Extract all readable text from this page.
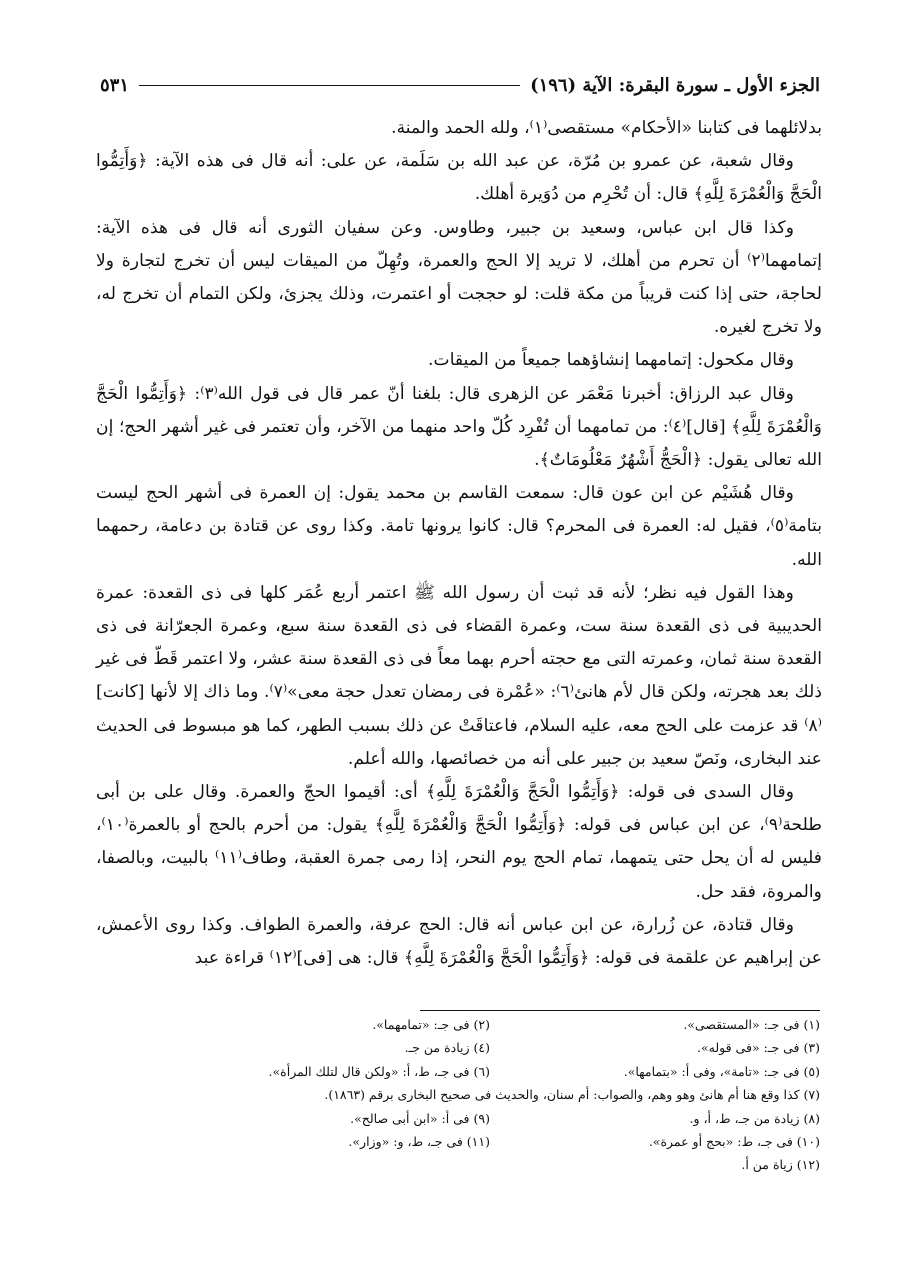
الجزء الأول ـ سورة البقرة: الآية (١٩٦)
٥٣١

بدلائلهما فى كتابنا «الأحكام» مستقصى⁽١⁾، ولله الحمد والمنة.

وقال شعبة، عن عمرو بن مُرّة، عن عبد الله بن سَلَمة، عن على: أنه قال فى هذه الآية: ﴿وَأَتِمُّوا الْحَجَّ وَالْعُمْرَةَ لِلَّهِ﴾ قال: أن تُحْرِم من دُوَيرة أهلك.

وكذا قال ابن عباس، وسعيد بن جبير، وطاوس. وعن سفيان الثورى أنه قال فى هذه الآية: إتمامهما⁽٢⁾ أن تحرم من أهلك، لا تريد إلا الحج والعمرة، وتُهِلّ من الميقات ليس أن تخرج لتجارة ولا لحاجة، حتى إذا كنت قريباً من مكة قلت: لو حججت أو اعتمرت، وذلك يجزئ، ولكن التمام أن تخرج له، ولا تخرج لغيره.

وقال مكحول: إتمامهما إنشاؤهما جميعاً من الميقات.

وقال عبد الرزاق: أخبرنا مَعْمَر عن الزهرى قال: بلغنا أنّ عمر قال فى قول الله⁽٣⁾: ﴿وَأَتِمُّوا الْحَجَّ وَالْعُمْرَةَ لِلَّهِ﴾ [قال]⁽٤⁾: من تمامهما أن تُفْرِد كُلّ واحد منهما من الآخر، وأن تعتمر فى غير أشهر الحج؛ إن الله تعالى يقول: ﴿الْحَجُّ أَشْهُرٌ مَعْلُومَاتٌ﴾.

وقال هُشَيْم عن ابن عون قال: سمعت القاسم بن محمد يقول: إن العمرة فى أشهر الحج ليست بتامة⁽٥⁾، فقيل له: العمرة فى المحرم؟ قال: كانوا يرونها تامة. وكذا روى عن قتادة بن دعامة، رحمهما الله.

وهذا القول فيه نظر؛ لأنه قد ثبت أن رسول الله ﷺ اعتمر أربع عُمَر كلها فى ذى القعدة: عمرة الحديبية فى ذى القعدة سنة ست، وعمرة القضاء فى ذى القعدة سنة سبع، وعمرة الجعرّانة فى ذى القعدة سنة ثمان، وعمرته التى مع حجته أحرم بهما معاً فى ذى القعدة سنة عشر، ولا اعتمر قَطّ فى غير ذلك بعد هجرته، ولكن قال لأم هانئ⁽٦⁾: «عُمْرة فى رمضان تعدل حجة معى»⁽٧⁾. وما ذاك إلا لأنها [كانت]⁽٨⁾ قد عزمت على الحج معه، عليه السلام، فاعتاقَتْ عن ذلك بسبب الطهر، كما هو مبسوط فى الحديث عند البخارى، ونَصّ سعيد بن جبير على أنه من خصائصها، والله أعلم.

وقال السدى فى قوله: ﴿وَأَتِمُّوا الْحَجَّ وَالْعُمْرَةَ لِلَّهِ﴾ أى: أقيموا الحجّ والعمرة. وقال على بن أبى طلحة⁽٩⁾، عن ابن عباس فى قوله: ﴿وَأَتِمُّوا الْحَجَّ وَالْعُمْرَةَ لِلَّهِ﴾ يقول: من أحرم بالحج أو بالعمرة⁽١٠⁾، فليس له أن يحل حتى يتمهما، تمام الحج يوم النحر، إذا رمى جمرة العقبة، وطاف⁽١١⁾ بالبيت، وبالصفا، والمروة، فقد حل.

وقال قتادة، عن زُرارة، عن ابن عباس أنه قال: الحج عرفة، والعمرة الطواف. وكذا روى الأعمش، عن إبراهيم عن علقمة فى قوله: ﴿وَأَتِمُّوا الْحَجَّ وَالْعُمْرَةَ لِلَّهِ﴾ قال: هى [فى]⁽١٢⁾ قراءة عبد

(١) فى جـ: «المستقصى».
(٢) فى جـ: «تمامهما».
(٣) فى جـ: «فى قوله».
(٤) زيادة من جـ.
(٥) فى جـ: «تامة»، وفى أ: «بتمامها».
(٦) فى جـ، ط، أ: «ولكن قال لتلك المرأة».
(٧) كذا وقع هنا أم هانئ وهو وهم، والصواب: أم سنان، والحديث فى صحيح البخارى برقم (١٨٦٣).
(٨) زيادة من جـ، ط، أ، و.
(٩) فى أ: «ابن أبى صالح».
(١٠) فى جـ، ط: «بحج أو عمرة».
(١١) فى جـ، ط، و: «وزار».
(١٢) زياة من أ.
